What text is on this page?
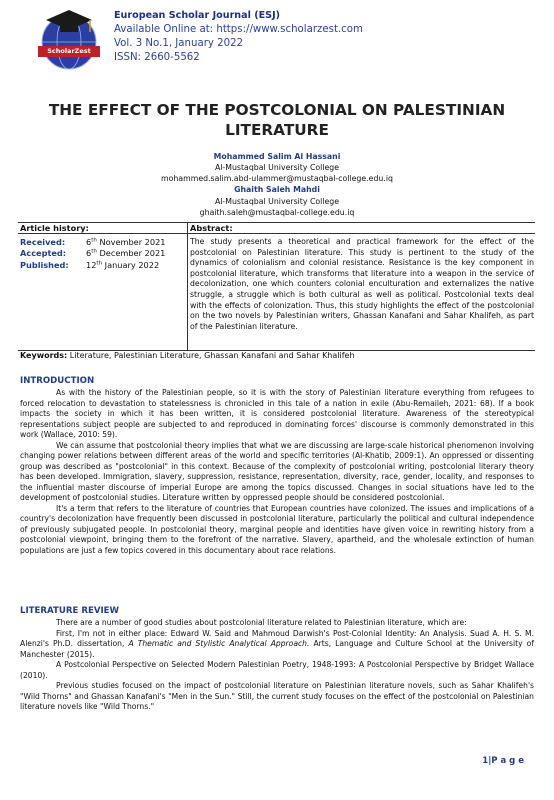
ScholarZest
European Scholar Journal (ESJ)
Available Online at: https://www.scholarzest.com
Vol. 3 No.1, January 2022
ISSN: 2660-5562
THE EFFECT OF THE POSTCOLONIAL ON PALESTINIAN LITERATURE
Mohammed Salim Al Hassani
Al-Mustaqbal University College
mohammed.salim.abd-ulammer@mustaqbal-college.edu.iq
Ghaith Saleh Mahdi
Al-Mustaqbal University College
ghaith.saleh@mustaqbal-college.edu.iq
Article history:	Abstract:
Received:	6th November 2021
Accepted: 6th December 2021
Published: 12th January 2022
The study presents a theoretical and practical framework for the effect of the postcolonial on Palestinian literature. This study is pertinent to the study of the dynamics of colonialism and colonial resistance. Resistance is the key component in postcolonial literature, which transforms that literature into a weapon in the service of decolonization, one which counters colonial enculturation and externalizes the native struggle, a struggle which is both cultural as well as political. Postcolonial texts deal with the effects of colonization. Thus, this study highlights the effect of the postcolonial on the two novels by Palestinian writers, Ghassan Kanafani and Sahar Khalifeh, as part of the Palestinian literature.
Keywords: Literature, Palestinian Literature, Ghassan Kanafani and Sahar Khalifeh
INTRODUCTION

As with the history of the Palestinian people, so it is with the story of Palestinian literature everything from refugees to forced relocation to devastation to statelessness is chronicled in this tale of a nation in exile (Abu-Remaileh, 2021: 68). If a book impacts the society in which it has been written, it is considered postcolonial literature. Awareness of the stereotypical representations subject people are subjected to and reproduced in dominating forces' discourse is commonly demonstrated in this work (Wallace, 2010: 59).

We can assume that postcolonial theory implies that what we are discussing are large-scale historical phenomenon involving changing power relations between different areas of the world and specific territories (Al-Khatib, 2009:1). An oppressed or dissenting group was described as "postcolonial" in this context. Because of the complexity of postcolonial writing, postcolonial literary theory has been developed. Immigration, slavery, suppression, resistance, representation, diversity, race, gender, locality, and responses to the influential master discourse of imperial Europe are among the topics discussed. Changes in social situations have led to the development of postcolonial studies. Literature written by oppressed people should be considered postcolonial.

It's a term that refers to the literature of countries that European countries have colonized. The issues and implications of a country's decolonization have frequently been discussed in postcolonial literature, particularly the political and cultural independence of previously subjugated people. In postcolonial theory, marginal people and identities have given voice in rewriting history from a postcolonial viewpoint, bringing them to the forefront of the narrative. Slavery, apartheid, and the wholesale extinction of human populations are just a few topics covered in this documentary about race relations.

LITERATURE REVIEW

There are a number of good studies about postcolonial literature related to Palestinian literature, which are:

First, I'm not in either place: Edward W. Said and Mahmoud Darwish's Post-Colonial Identity: An Analysis. Suad A. H. S. M. Alenzi's Ph.D. dissertation, A Thematic and Stylistic Analytical Approach. Arts, Language and Culture School at the University of Manchester (2015).

A Postcolonial Perspective on Selected Modern Palestinian Poetry, 1948-1993: A Postcolonial Perspective by Bridget Wallace (2010).

Previous studies focused on the impact of postcolonial literature on Palestinian literature novels, such as Sahar Khalifeh's "Wild Thorns" and Ghassan Kanafani's "Men in the Sun." Still, the current study focuses on the effect of the postcolonial on Palestinian literature novels like "Wild Thorns."

1|P a g e
